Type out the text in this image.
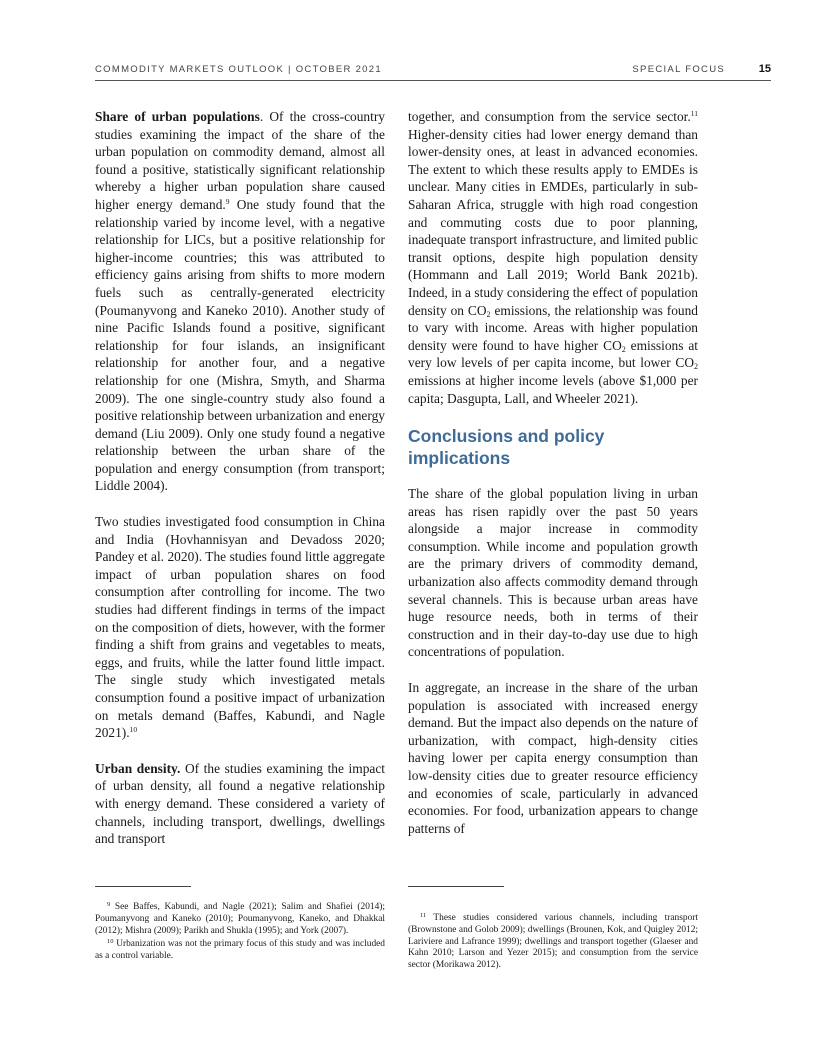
COMMODITY MARKETS OUTLOOK | OCTOBER 2021	SPECIAL FOCUS	15

Share of urban populations. Of the cross-country studies examining the impact of the share of the urban population on commodity demand, almost all found a positive, statistically significant relationship whereby a higher urban population share caused higher energy demand.$^9$ One study found that the relationship varied by income level, with a negative relationship for LICs, but a positive relationship for higher-income countries; this was attributed to efficiency gains arising from shifts to more modern fuels such as centrally-generated electricity (Poumanyvong and Kaneko 2010). Another study of nine Pacific Islands found a positive, significant relationship for four islands, an insignificant relationship for another four, and a negative relationship for one (Mishra, Smyth, and Sharma 2009). The one single-country study also found a positive relationship between urbanization and energy demand (Liu 2009). Only one study found a negative relationship between the urban share of the population and energy consumption (from transport; Liddle 2004).

Two studies investigated food consumption in China and India (Hovhannisyan and Devadoss 2020; Pandey et al. 2020). The studies found little aggregate impact of urban population shares on food consumption after controlling for income. The two studies had different findings in terms of the impact on the composition of diets, however, with the former finding a shift from grains and vegetables to meats, eggs, and fruits, while the latter found little impact. The single study which investigated metals consumption found a positive impact of urbanization on metals demand (Baffes, Kabundi, and Nagle 2021).$^{10}$

Urban density. Of the studies examining the impact of urban density, all found a negative relationship with energy demand. These considered a variety of channels, including transport, dwellings, dwellings and transport

together, and consumption from the service sector.$^{11}$ Higher-density cities had lower energy demand than lower-density ones, at least in advanced economies. The extent to which these results apply to EMDEs is unclear. Many cities in EMDEs, particularly in sub-Saharan Africa, struggle with high road congestion and commuting costs due to poor planning, inadequate transport infrastructure, and limited public transit options, despite high population density (Hommann and Lall 2019; World Bank 2021b). Indeed, in a study considering the effect of population density on $CO_2$ emissions, the relationship was found to vary with income. Areas with higher population density were found to have higher $CO_2$ emissions at very low levels of per capita income, but lower $CO_2$ emissions at higher income levels (above $1,000 per capita; Dasgupta, Lall, and Wheeler 2021).

Conclusions and policy implications

The share of the global population living in urban areas has risen rapidly over the past 50 years alongside a major increase in commodity consumption. While income and population growth are the primary drivers of commodity demand, urbanization also affects commodity demand through several channels. This is because urban areas have huge resource needs, both in terms of their construction and in their day-to-day use due to high concentrations of population.

In aggregate, an increase in the share of the urban population is associated with increased energy demand. But the impact also depends on the nature of urbanization, with compact, high-density cities having lower per capita energy consumption than low-density cities due to greater resource efficiency and economies of scale, particularly in advanced economies. For food, urbanization appears to change patterns of

$^9$ See Baffes, Kabundi, and Nagle (2021); Salim and Shafiei (2014); Poumanyvong and Kaneko (2010); Poumanyvong, Kaneko, and Dhakkal (2012); Mishra (2009); Parikh and Shukla (1995); and York (2007).

$^{10}$ Urbanization was not the primary focus of this study and was included as a control variable.

$^{11}$ These studies considered various channels, including transport (Brownstone and Golob 2009); dwellings (Brounen, Kok, and Quigley 2012; Lariviere and Lafrance 1999); dwellings and transport together (Glaeser and Kahn 2010; Larson and Yezer 2015); and consumption from the service sector (Morikawa 2012).
